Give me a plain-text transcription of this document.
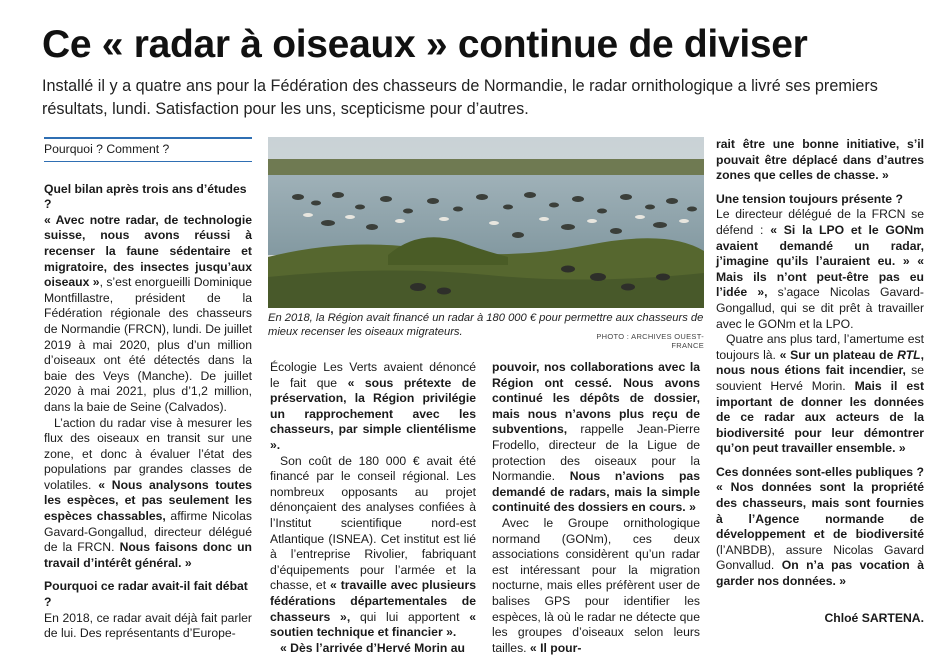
Ce « radar à oiseaux » continue de diviser

Installé il y a quatre ans pour la Fédération des chasseurs de Normandie, le radar ornithologique a livré ses premiers résultats, lundi. Satisfaction pour les uns, scepticisme pour d’autres.

Pourquoi ? Comment ?

Quel bilan après trois ans d’études ?

« Avec notre radar, de technologie suisse, nous avons réussi à recenser la faune sédentaire et migratoire, des insectes jusqu’aux oiseaux », s’est enorgueilli Dominique Montfillastre, président de la Fédération régionale des chasseurs de Normandie (FRCN), lundi. De juillet 2019 à mai 2020, plus d’un million d’oiseaux ont été détectés dans la baie des Veys (Manche). De juillet 2020 à mai 2021, plus d’1,2 million, dans la baie de Seine (Calvados).

L’action du radar vise à mesurer les flux des oiseaux en transit sur une zone, et donc à évaluer l’état des populations par grandes classes de volatiles. « Nous analysons toutes les espèces, et pas seulement les espèces chassables, affirme Nicolas Gavard-Gongallud, directeur délégué de la FRCN. Nous faisons donc un travail d’intérêt général. »

Pourquoi ce radar avait-il fait débat ?

En 2018, ce radar avait déjà fait parler de lui. Des représentants d’Europe-

En 2018, la Région avait financé un radar à 180 000 € pour permettre aux chasseurs de mieux recenser les oiseaux migrateurs.	PHOTO : ARCHIVES OUEST-FRANCE

Écologie Les Verts avaient dénoncé le fait que « sous prétexte de préservation, la Région privilégie un rapprochement avec les chasseurs, par simple clientélisme ».

Son coût de 180 000 € avait été financé par le conseil régional. Les nombreux opposants au projet dénonçaient des analyses confiées à l’Institut scientifique nord-est Atlantique (ISNEA). Cet institut est lié à l’entreprise Rivolier, fabriquant d’équipements pour l’armée et la chasse, et « travaille avec plusieurs fédérations départementales de chasseurs », qui lui apportent « soutien technique et financier ».

« Dès l’arrivée d’Hervé Morin au

pouvoir, nos collaborations avec la Région ont cessé. Nous avons continué les dépôts de dossier, mais nous n’avons plus reçu de subventions, rappelle Jean-Pierre Frodello, directeur de la Ligue de protection des oiseaux pour la Normandie. Nous n’avions pas demandé de radars, mais la simple continuité des dossiers en cours. »

Avec le Groupe ornithologique normand (GONm), ces deux associations considèrent qu’un radar est intéressant pour la migration nocturne, mais elles préfèrent user de balises GPS pour identifier les espèces, là où le radar ne détecte que les groupes d’oiseaux selon leurs tailles. « Il pour-

rait être une bonne initiative, s’il pouvait être déplacé dans d’autres zones que celles de chasse. »

Une tension toujours présente ?

Le directeur délégué de la FRCN se défend : « Si la LPO et le GONm avaient demandé un radar, j’imagine qu’ils l’auraient eu. » « Mais ils n’ont peut-être pas eu l’idée », s’agace Nicolas Gavard-Gongallud, qui se dit prêt à travailler avec le GONm et la LPO.

Quatre ans plus tard, l’amertume est toujours là. « Sur un plateau de RTL, nous nous étions fait incendier, se souvient Hervé Morin. Mais il est important de donner les données de ce radar aux acteurs de la biodiversité pour leur démontrer qu’on peut travailler ensemble. »

Ces données sont-elles publiques ?

« Nos données sont la propriété des chasseurs, mais sont fournies à l’Agence normande de développement et de biodiversité (l’ANBDB), assure Nicolas Gavard Gonvallud. On n’a pas vocation à garder nos données. »

Chloé SARTENA.
